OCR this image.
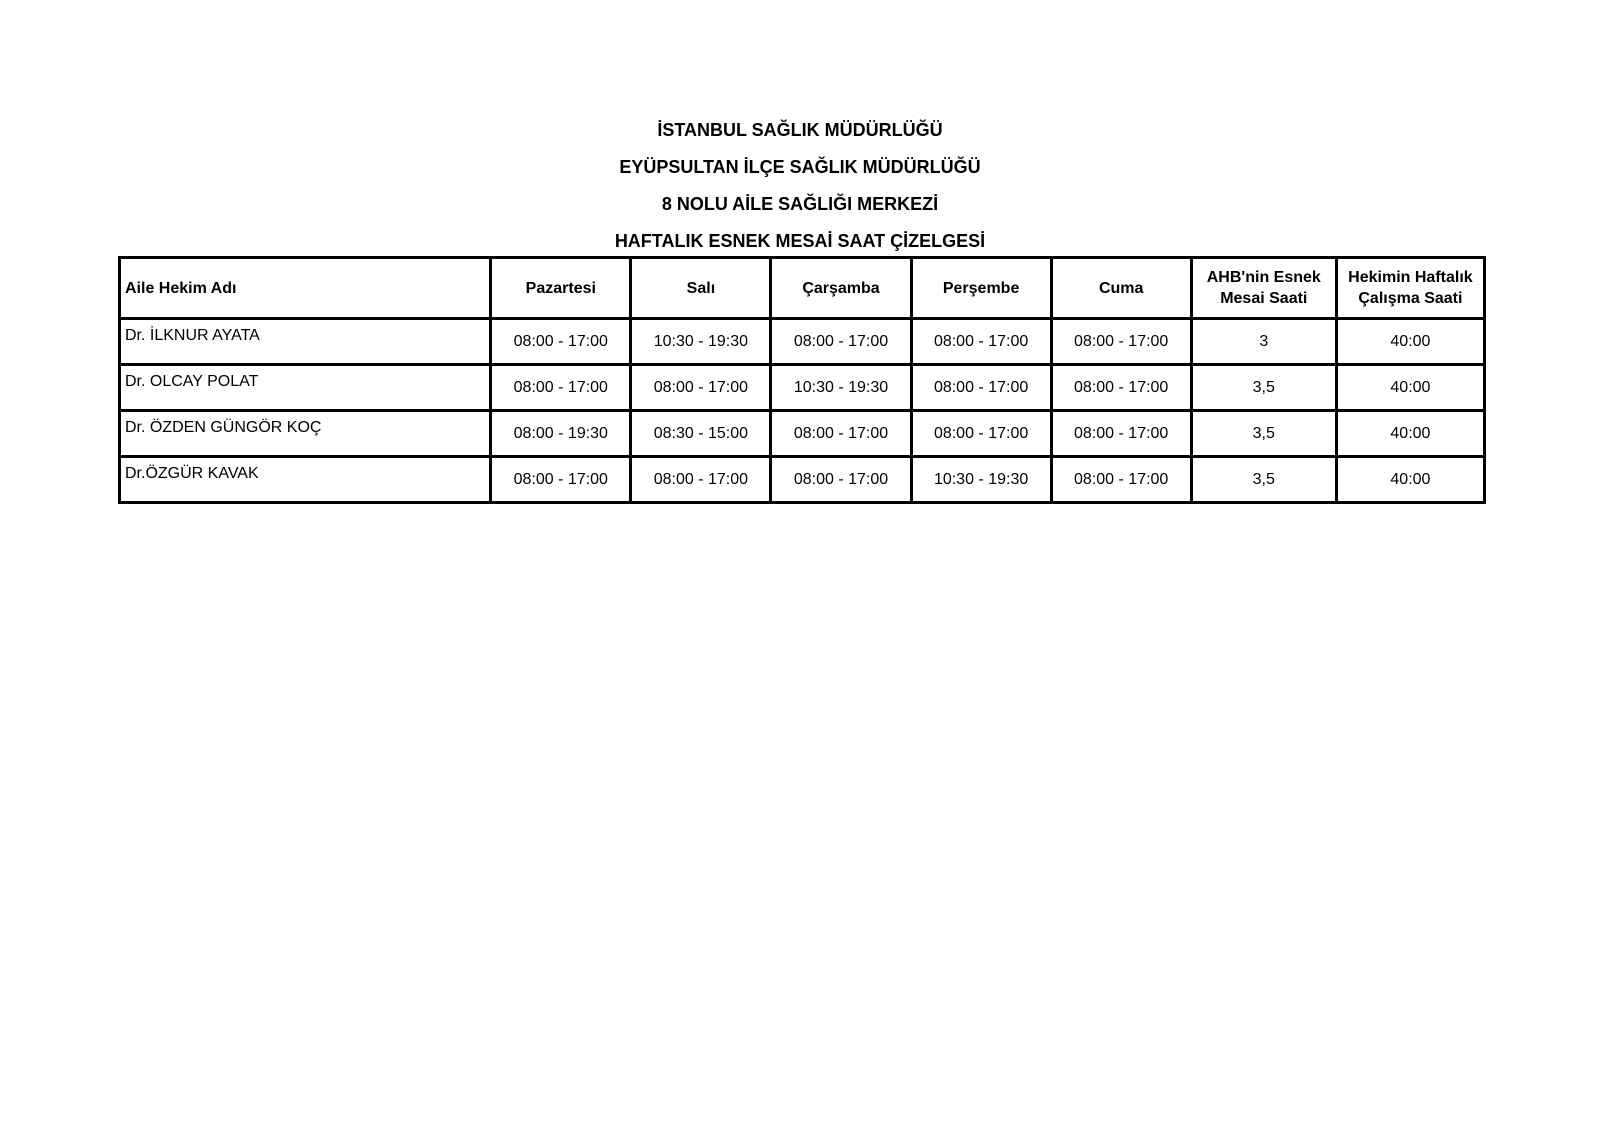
İSTANBUL SAĞLIK MÜDÜRLÜĞÜ
EYÜPSULTAN İLÇE SAĞLIK MÜDÜRLÜĞÜ
8 NOLU AİLE SAĞLIĞI MERKEZİ
HAFTALIK ESNEK MESAİ SAAT ÇİZELGESİ
Aile Hekim Adı	Pazartesi	Salı	Çarşamba	Perşembe	Cuma	AHB'nin Esnek Mesai Saati	Hekimin Haftalık Çalışma Saati
Dr. İLKNUR AYATA	08:00 - 17:00	10:30 - 19:30	08:00 - 17:00	08:00 - 17:00	08:00 - 17:00	3	40:00
Dr. OLCAY POLAT	08:00 - 17:00	08:00 - 17:00	10:30 - 19:30	08:00 - 17:00	08:00 - 17:00	3,5	40:00
Dr. ÖZDEN GÜNGÖR KOÇ	08:00 - 19:30	08:30 - 15:00	08:00 - 17:00	08:00 - 17:00	08:00 - 17:00	3,5	40:00
Dr.ÖZGÜR KAVAK	08:00 - 17:00	08:00 - 17:00	08:00 - 17:00	10:30 - 19:30	08:00 - 17:00	3,5	40:00
